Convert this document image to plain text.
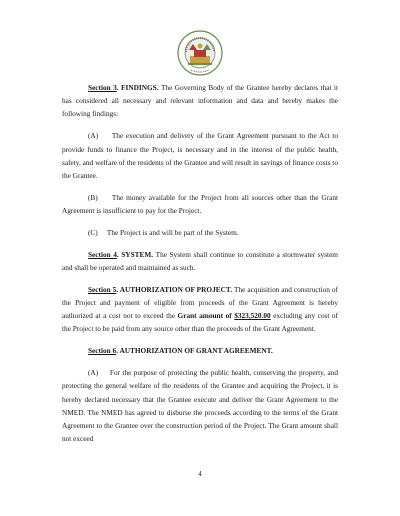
Section 3. FINDINGS. The Governing Body of the Grantee hereby declares that it has considered all necessary and relevant information and data and hereby makes the following findings:

(A) The execution and delivery of the Grant Agreement pursuant to the Act to provide funds to finance the Project, is necessary and in the interest of the public health, safety, and welfare of the residents of the Grantee and will result in savings of finance costs to the Grantee.

(B) The money available for the Project from all sources other than the Grant Agreement is insufficient to pay for the Project.

(C) The Project is and will be part of the System.

Section 4. SYSTEM. The System shall continue to constitute a stormwater system and shall be operated and maintained as such.

Section 5. AUTHORIZATION OF PROJECT. The acquisition and construction of the Project and payment of eligible from proceeds of the Grant Agreement is hereby authorized at a cost not to exceed the Grant amount of $323,520.00 excluding any cost of the Project to be paid from any source other than the proceeds of the Grant Agreement.

Section 6. AUTHORIZATION OF GRANT AGREEMENT.

(A) For the purpose of protecting the public health, conserving the property, and protecting the general welfare of the residents of the Grantee and acquiring the Project, it is hereby declared necessary that the Grantee execute and deliver the Grant Agreement to the NMED. The NMED has agreed to disburse the proceeds according to the terms of the Grant Agreement to the Grantee over the construction period of the Project. The Grant amount shall not exceed

4
